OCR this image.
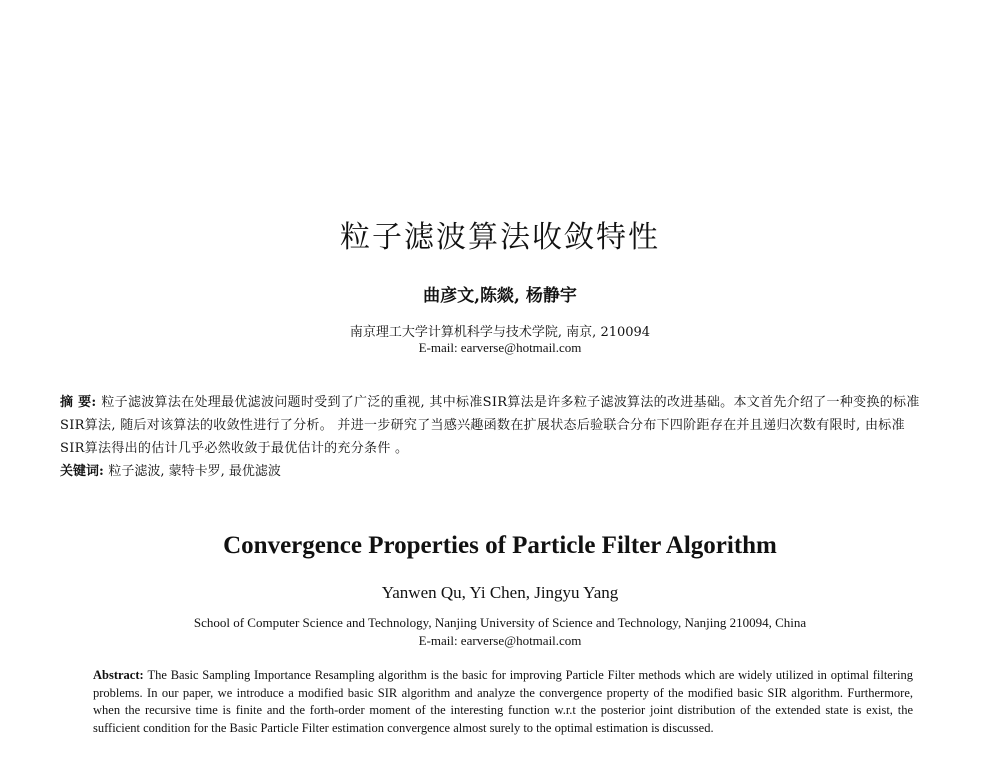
粒子滤波算法收敛特性
曲彦文,陈燚, 杨静宇
南京理工大学计算机科学与技术学院, 南京, 210094
E-mail: earverse@hotmail.com
摘 要: 粒子滤波算法在处理最优滤波问题时受到了广泛的重视, 其中标准SIR算法是许多粒子滤波算法的改进基础。本文首先介绍了一种变换的标准SIR算法, 随后对该算法的收敛性进行了分析。 并进一步研究了当感兴趣函数在扩展状态后验联合分布下四阶距存在并且递归次数有限时, 由标准SIR算法得出的估计几乎必然收敛于最优估计的充分条件 。
关键词: 粒子滤波, 蒙特卡罗, 最优滤波
Convergence Properties of Particle Filter Algorithm
Yanwen Qu, Yi Chen, Jingyu Yang
School of Computer Science and Technology, Nanjing University of Science and Technology, Nanjing 210094, China
E-mail: earverse@hotmail.com
Abstract: The Basic Sampling Importance Resampling algorithm is the basic for improving Particle Filter methods which are widely utilized in optimal filtering problems. In our paper, we introduce a modified basic SIR algorithm and analyze the convergence property of the modified basic SIR algorithm. Furthermore, when the recursive time is finite and the forth-order moment of the interesting function w.r.t the posterior joint distribution of the extended state is exist, the sufficient condition for the Basic Particle Filter estimation convergence almost surely to the optimal estimation is discussed.
